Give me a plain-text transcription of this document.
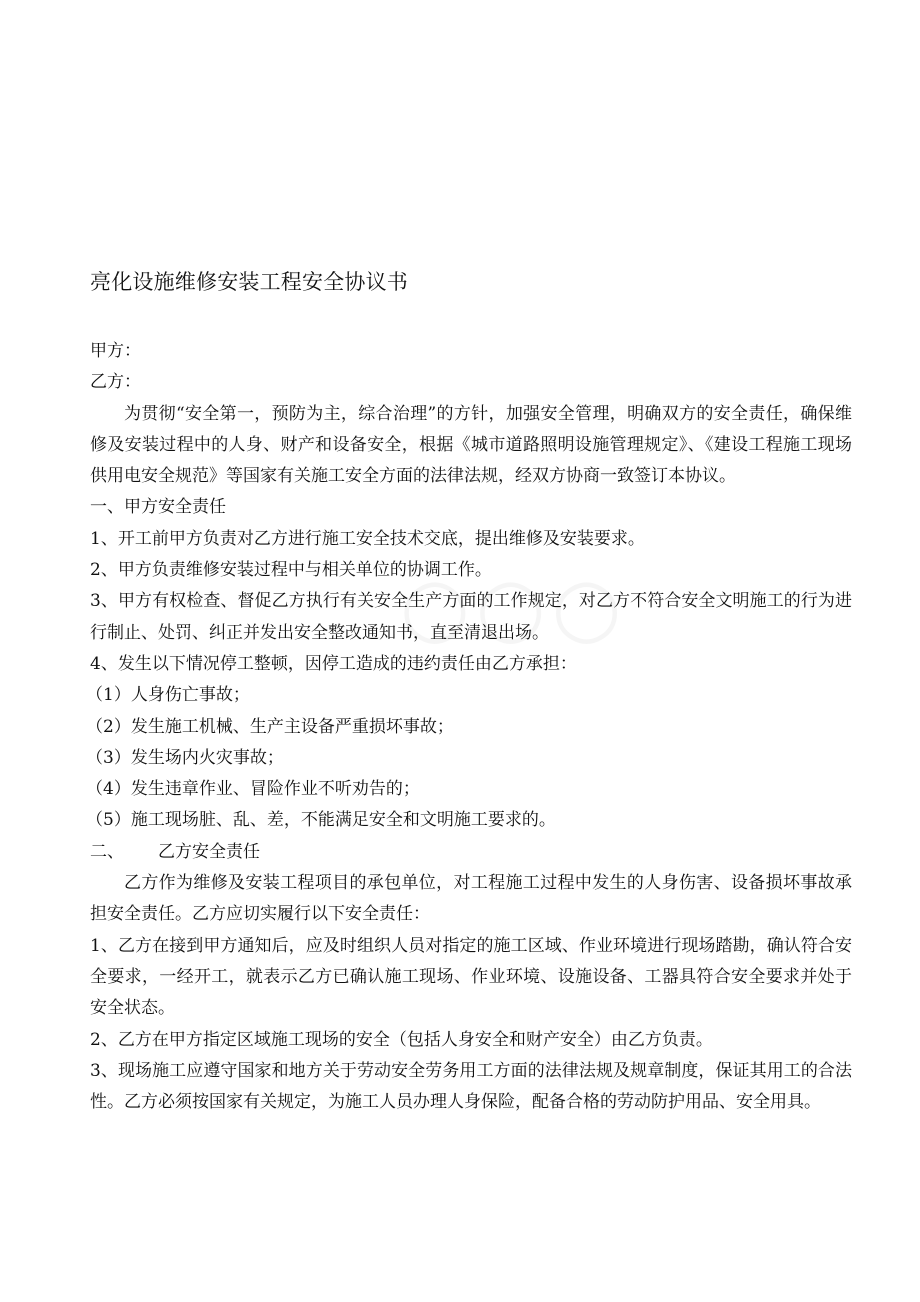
亮化设施维修安装工程安全协议书

甲方：

乙方：

为贯彻“安全第一，预防为主，综合治理”的方针，加强安全管理，明确双方的安全责任，确保维修及安装过程中的人身、财产和设备安全，根据《城市道路照明设施管理规定》、《建设工程施工现场供用电安全规范》等国家有关施工安全方面的法律法规，经双方协商一致签订本协议。

一、甲方安全责任

1、开工前甲方负责对乙方进行施工安全技术交底，提出维修及安装要求。

2、甲方负责维修安装过程中与相关单位的协调工作。

3、甲方有权检查、督促乙方执行有关安全生产方面的工作规定，对乙方不符合安全文明施工的行为进行制止、处罚、纠正并发出安全整改通知书，直至清退出场。

4、发生以下情况停工整顿，因停工造成的违约责任由乙方承担：

（1）人身伤亡事故；

（2）发生施工机械、生产主设备严重损坏事故；

（3）发生场内火灾事故；

（4）发生违章作业、冒险作业不听劝告的；

（5）施工现场脏、乱、差，不能满足安全和文明施工要求的。

二、 乙方安全责任

乙方作为维修及安装工程项目的承包单位，对工程施工过程中发生的人身伤害、设备损坏事故承担安全责任。乙方应切实履行以下安全责任：

1、乙方在接到甲方通知后，应及时组织人员对指定的施工区域、作业环境进行现场踏勘，确认符合安全要求，一经开工，就表示乙方已确认施工现场、作业环境、设施设备、工器具符合安全要求并处于安全状态。

2、乙方在甲方指定区域施工现场的安全（包括人身安全和财产安全）由乙方负责。

3、现场施工应遵守国家和地方关于劳动安全劳务用工方面的法律法规及规章制度，保证其用工的合法性。乙方必须按国家有关规定，为施工人员办理人身保险，配备合格的劳动防护用品、安全用具。
